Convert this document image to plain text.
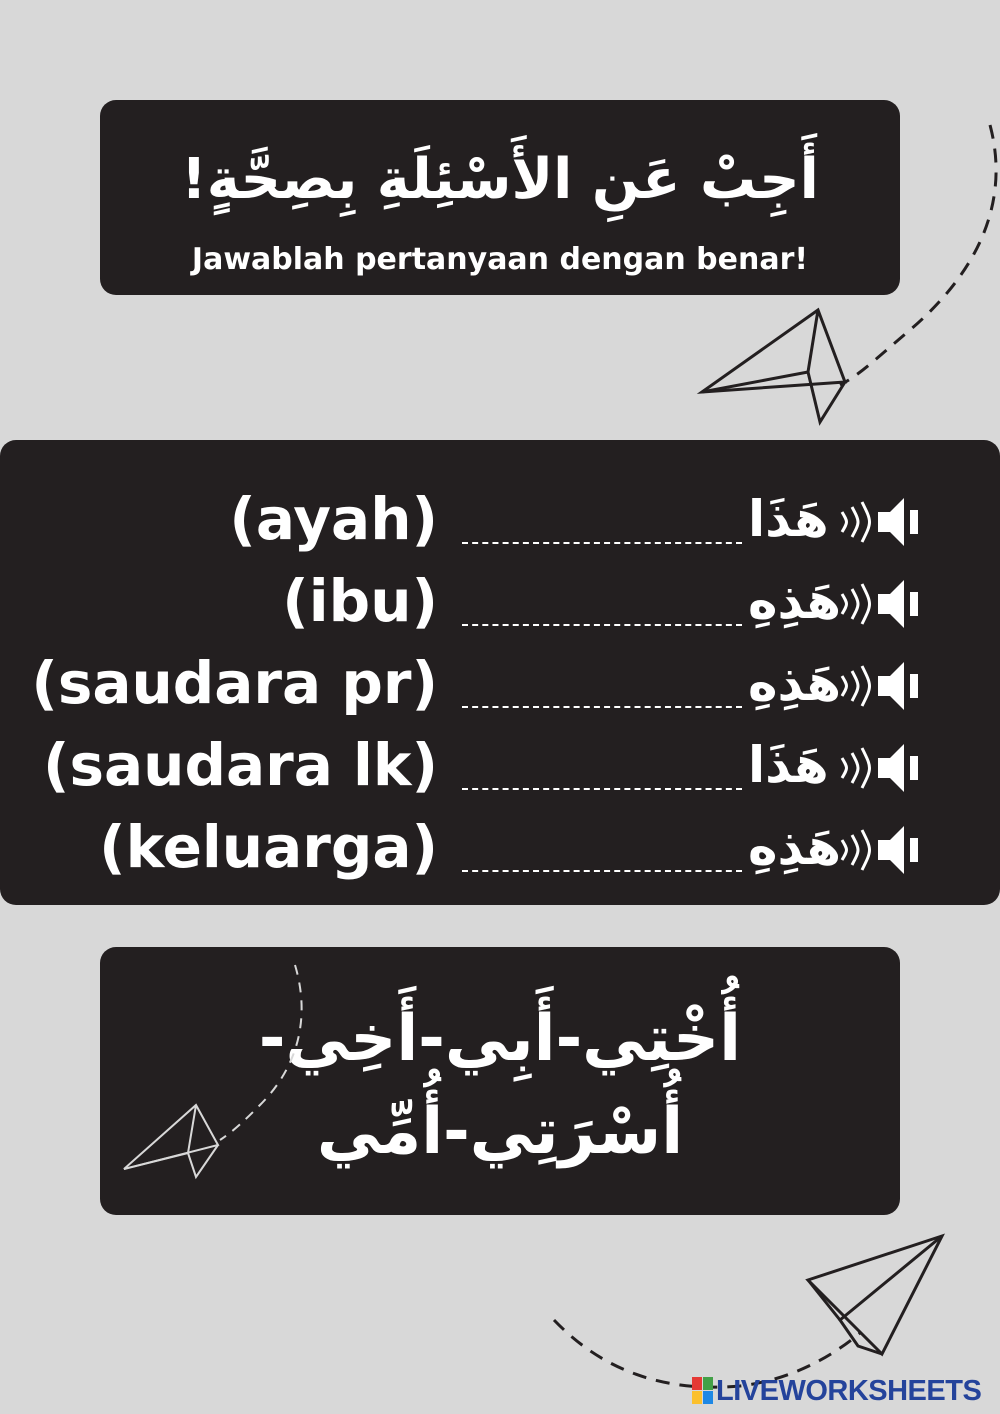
أَجِبْ عَنِ الأَسْئِلَةِ بِصِحَّةٍ!
Jawablah pertanyaan dengan benar!
(ayah)	هَذَا
(ibu)	هَذِهِ
(saudara pr)	هَذِهِ
(saudara lk)	هَذَا
(keluarga)	هَذِهِ
أُخْتِي-أَبِي-أَخِي-
أُسْرَتِي-أُمِّي
LIVEWORKSHEETS
